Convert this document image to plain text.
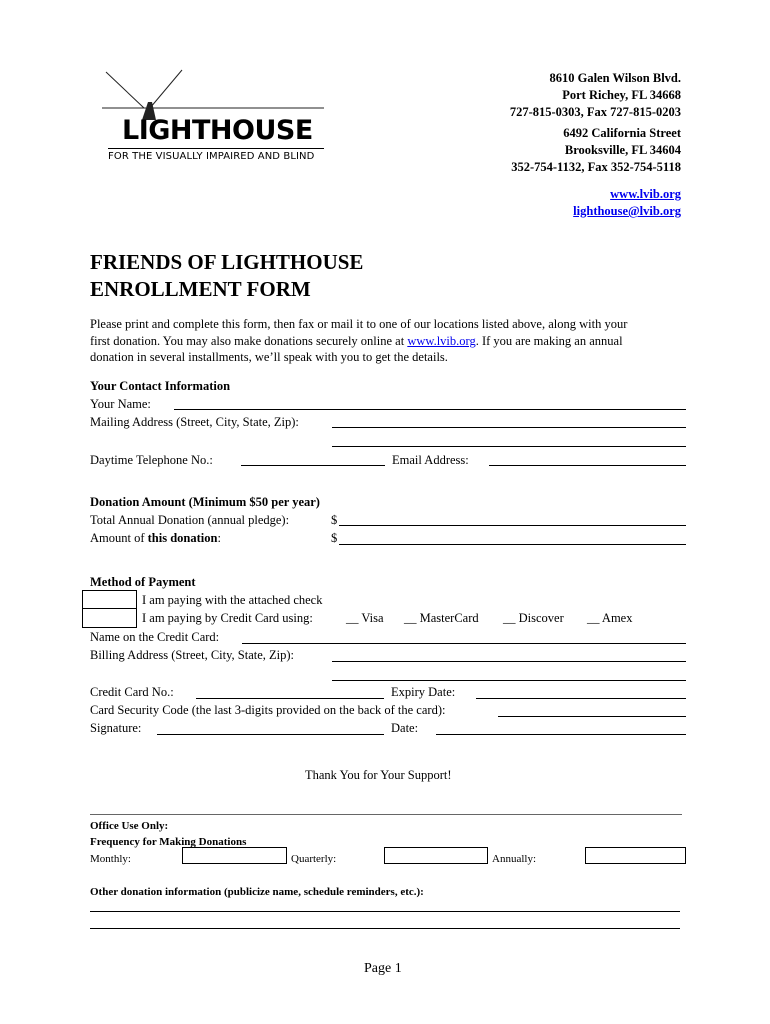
LIGHTHOUSE
FOR THE VISUALLY IMPAIRED AND BLIND
8610 Galen Wilson Blvd.
Port Richey, FL 34668
727-815-0303, Fax 727-815-0203
6492 California Street
Brooksville, FL 34604
352-754-1132, Fax 352-754-5118
www.lvib.org
lighthouse@lvib.org
FRIENDS OF LIGHTHOUSE
ENROLLMENT FORM
Please print and complete this form, then fax or mail it to one of our locations listed above, along with your
first donation. You may also make donations securely online at www.lvib.org. If you are making an annual
donation in several installments, we’ll speak with you to get the details.
Your Contact Information
Your Name:
Mailing Address (Street, City, State, Zip):
Daytime Telephone No.:	Email Address:
Donation Amount (Minimum $50 per year)
Total Annual Donation (annual pledge):	$
Amount of this donation:	$
Method of Payment
I am paying with the attached check
I am paying by Credit Card using:	__ Visa __ MasterCard __ Discover __ Amex
Name on the Credit Card:
Billing Address (Street, City, State, Zip):
Credit Card No.:	Expiry Date:
Card Security Code (the last 3-digits provided on the back of the card):
Signature:	Date:
Thank You for Your Support!
Office Use Only:
Frequency for Making Donations
Monthly:	Quarterly:	Annually:
Other donation information (publicize name, schedule reminders, etc.):
Page 1
